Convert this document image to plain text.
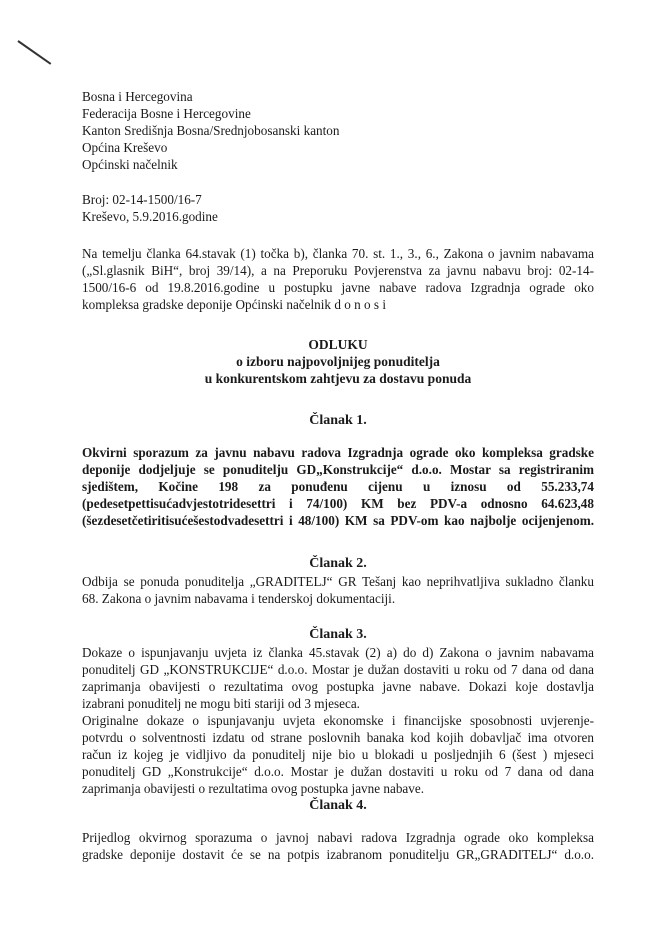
Bosna i Hercegovina
Federacija Bosne i Hercegovine
Kanton Središnja Bosna/Srednjobosanski kanton
Općina Kreševo
Općinski načelnik
Broj: 02-14-1500/16-7
Kreševo, 5.9.2016.godine
Na temelju članka 64.stavak (1) točka b), članka 70. st. 1., 3., 6., Zakona o javnim nabavama
(„Sl.glasnik BiH“, broj 39/14), a na Preporuku Povjerenstva za javnu nabavu broj: 02-14-
1500/16-6 od 19.8.2016.godine u postupku javne nabave radova Izgradnja ograde oko
kompleksa gradske deponije Općinski načelnik d o n o s i
ODLUKU
o izboru najpovoljnijeg ponuditelja
u konkurentskom zahtjevu za dostavu ponuda
Članak 1.
Okvirni sporazum za javnu nabavu radova Izgradnja ograde oko kompleksa gradske
deponije dodjeljuje se ponuditelju GD„Konstrukcije“ d.o.o. Mostar sa registriranim
sjedištem, Kočine 198 za ponuđenu cijenu u iznosu od 55.233,74
(pedesetpettisućadvjestotridesettri i 74/100) KM bez PDV-a odnosno 64.623,48
(šezdesetčetiritisućešestodvadesettri i 48/100) KM sa PDV-om kao najbolje ocijenjenom.
Članak 2.
Odbija se ponuda ponuditelja „GRADITELJ“ GR Tešanj kao neprihvatljiva sukladno članku
68. Zakona o javnim nabavama i tenderskoj dokumentaciji.
Članak 3.
Dokaze o ispunjavanju uvjeta iz članka 45.stavak (2) a) do d) Zakona o javnim nabavama
ponuditelj GD „KONSTRUKCIJE“ d.o.o. Mostar je dužan dostaviti u roku od 7 dana od dana
zaprimanja obavijesti o rezultatima ovog postupka javne nabave. Dokazi koje dostavlja
izabrani ponuditelj ne mogu biti stariji od 3 mjeseca.
Originalne dokaze o ispunjavanju uvjeta ekonomske i financijske sposobnosti uvjerenje-
potvrdu o solventnosti izdatu od strane poslovnih banaka kod kojih dobavljač ima otvoren
račun iz kojeg je vidljivo da ponuditelj nije bio u blokadi u posljednjih 6 (šest ) mjeseci
ponuditelj GD „Konstrukcije“ d.o.o. Mostar je dužan dostaviti u roku od 7 dana od dana
zaprimanja obavijesti o rezultatima ovog postupka javne nabave.
Članak 4.
Prijedlog okvirnog sporazuma o javnoj nabavi radova Izgradnja ograde oko kompleksa
gradske deponije dostavit će se na potpis izabranom ponuditelju GR„GRADITELJ“ d.o.o.
